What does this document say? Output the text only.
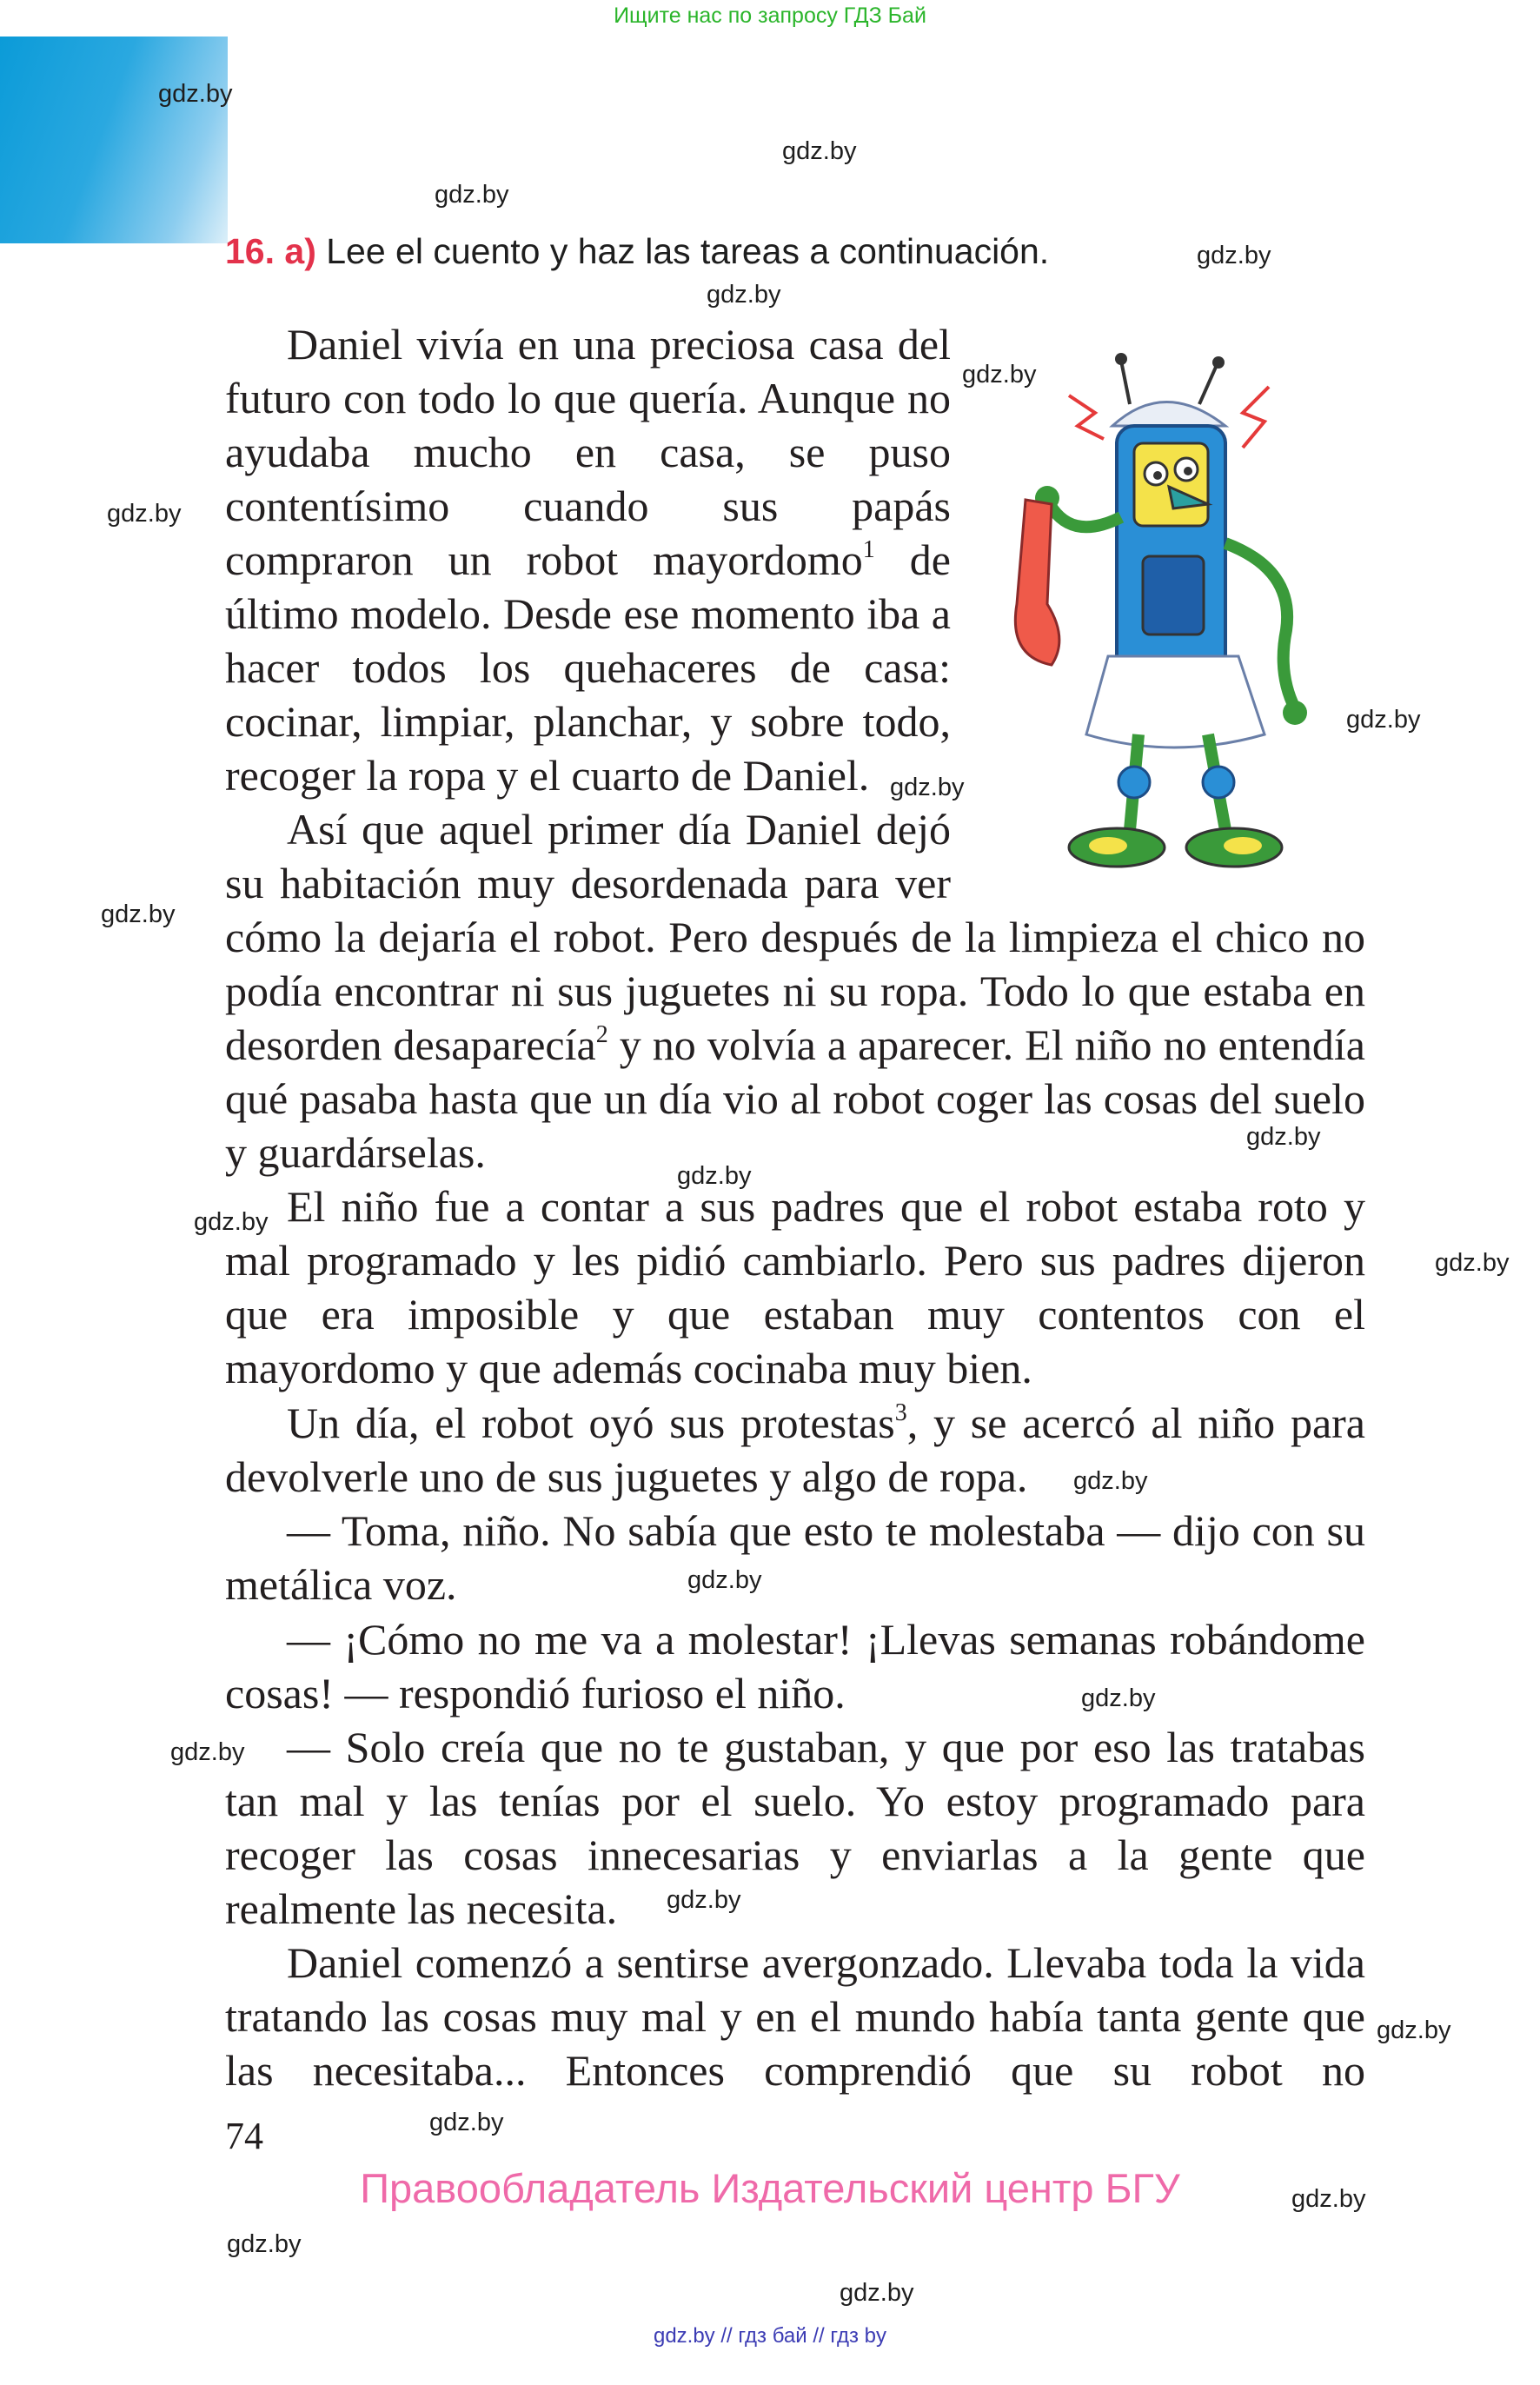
Ищите нас по запросу ГДЗ Бай
gdz.by
gdz.by
gdz.by
gdz.by
gdz.by
gdz.by
gdz.by
gdz.by
gdz.by
gdz.by
gdz.by
gdz.by
gdz.by
gdz.by
gdz.by
gdz.by
gdz.by
gdz.by
gdz.by
gdz.by
gdz.by
gdz.by
gdz.by
gdz.by
16. а) Lee el cuento y haz las tareas a continuación.
Daniel vivía en una preciosa casa del futuro con todo lo que quería. Aunque no ayudaba mucho en casa, se puso contentísimo cuando sus papás compraron un robot mayordomo$^1$ de último modelo. Desde ese momento iba a hacer todos los quehaceres de casa: cocinar, limpiar, planchar, y sobre todo, recoger la ropa y el cuarto de Daniel.
Así que aquel primer día Daniel dejó su habitación muy desordenada para ver
cómo la dejaría el robot. Pero después de la limpieza el chico no podía encontrar ni sus juguetes ni su ropa. Todo lo que estaba en desorden desaparecía$^2$ y no volvía a aparecer. El niño no entendía qué pasaba hasta que un día vio al robot coger las cosas del suelo y guardárselas.
El niño fue a contar a sus padres que el robot estaba roto y mal programado y les pidió cambiarlo. Pero sus padres dijeron que era imposible y que estaban muy contentos con el mayordomo y que además cocinaba muy bien.
Un día, el robot oyó sus protestas$^3$, y se acercó al niño para devolverle uno de sus juguetes y algo de ropa.
— Toma, niño. No sabía que esto te molestaba — dijo con su metálica voz.
— ¡Cómo no me va a molestar! ¡Llevas semanas robándome cosas! — respondió furioso el niño.
— Solo creía que no te gustaban, y que por eso las tratabas tan mal y las tenías por el suelo. Yo estoy programado para recoger las cosas innecesarias y enviarlas a la gente que realmente las necesita.
Daniel comenzó a sentirse avergonzado. Llevaba toda la vida tratando las cosas muy mal y en el mundo había tanta gente que las necesitaba... Entonces comprendió que su robot no
74
Правообладатель Издательский центр БГУ
gdz.by // гдз бай // гдз by
